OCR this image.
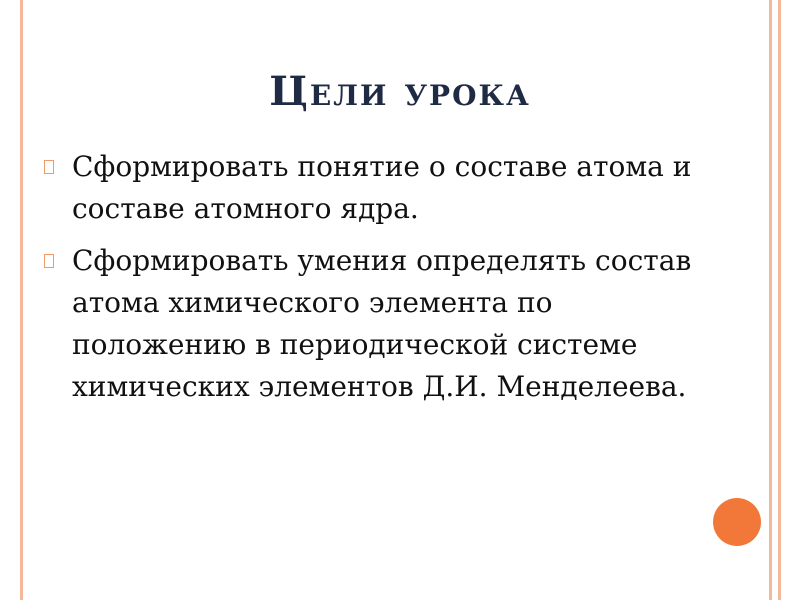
Цели урока
Сформировать понятие о составе атома и составе атомного ядра.
Сформировать умения определять состав атома химического элемента по положению в периодической системе химических элементов Д.И. Менделеева.
